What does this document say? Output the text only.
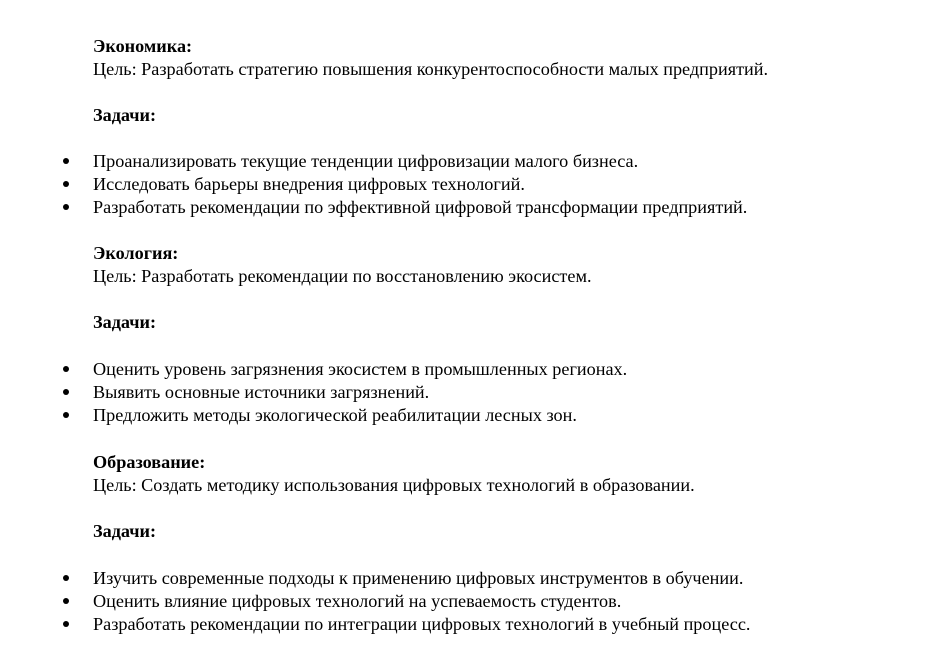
Экономика:
Цель: Разработать стратегию повышения конкурентоспособности малых предприятий.
Задачи:
Проанализировать текущие тенденции цифровизации малого бизнеса.
Исследовать барьеры внедрения цифровых технологий.
Разработать рекомендации по эффективной цифровой трансформации предприятий.
Экология:
Цель: Разработать рекомендации по восстановлению экосистем.
Задачи:
Оценить уровень загрязнения экосистем в промышленных регионах.
Выявить основные источники загрязнений.
Предложить методы экологической реабилитации лесных зон.
Образование:
Цель: Создать методику использования цифровых технологий в образовании.
Задачи:
Изучить современные подходы к применению цифровых инструментов в обучении.
Оценить влияние цифровых технологий на успеваемость студентов.
Разработать рекомендации по интеграции цифровых технологий в учебный процесс.
